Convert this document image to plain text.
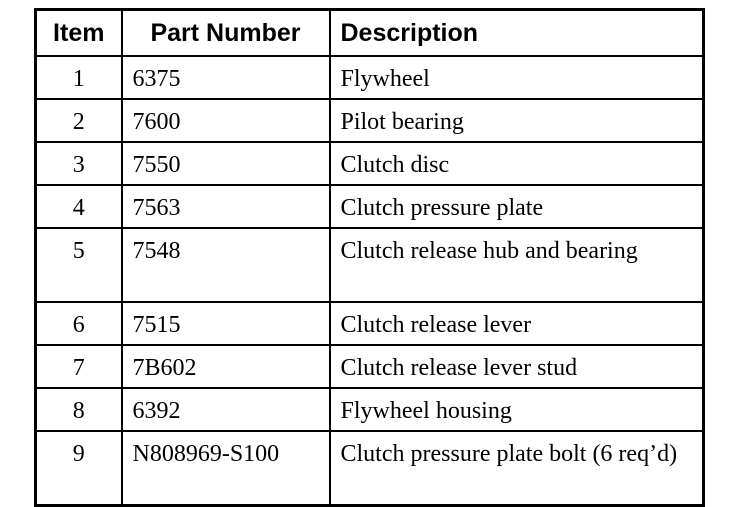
Item	Part Number	Description
1	6375	Flywheel
2	7600	Pilot bearing
3	7550	Clutch disc
4	7563	Clutch pressure plate
5	7548	Clutch release hub and bearing
6	7515	Clutch release lever
7	7B602	Clutch release lever stud
8	6392	Flywheel housing
9	N808969-S100	Clutch pressure plate bolt (6 req’d)
